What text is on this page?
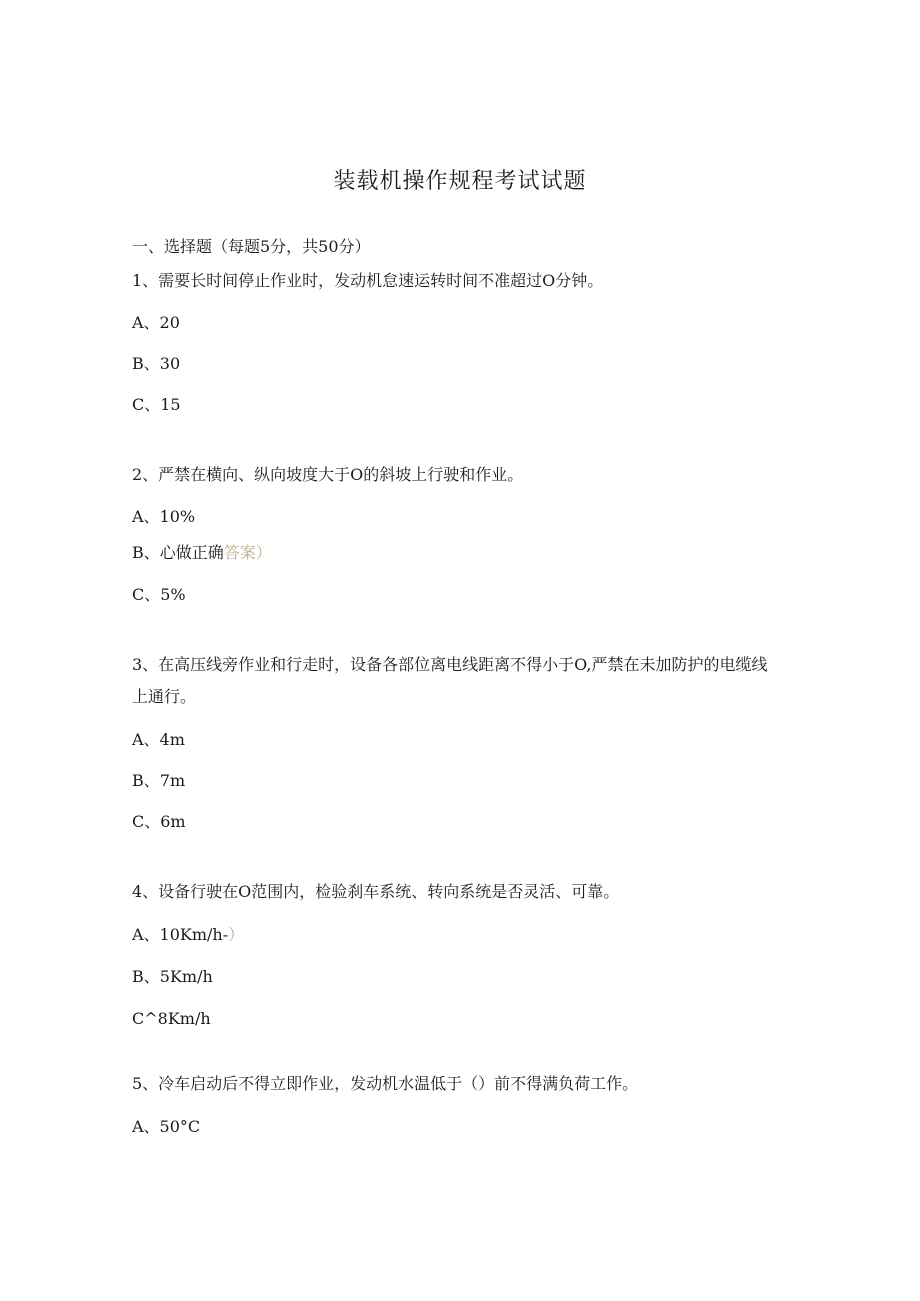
装载机操作规程考试试题
一、选择题（每题5分，共50分）
1、需要长时间停止作业时，发动机怠速运转时间不准超过O分钟。
A、20
B、30
C、15
2、严禁在横向、纵向坡度大于O的斜坡上行驶和作业。
A、10%
B、心做正确答案）
C、5%
3、在高压线旁作业和行走时，设备各部位离电线距离不得小于O,严禁在未加防护的电缆线上通行。
A、4m
B、7m
C、6m
4、设备行驶在O范围内，检验刹车系统、转向系统是否灵活、可靠。
A、10Km∕h-）
B、5Km∕h
C^8Km∕h
5、冷车启动后不得立即作业，发动机水温低于（）前不得满负荷工作。
A、50°C
